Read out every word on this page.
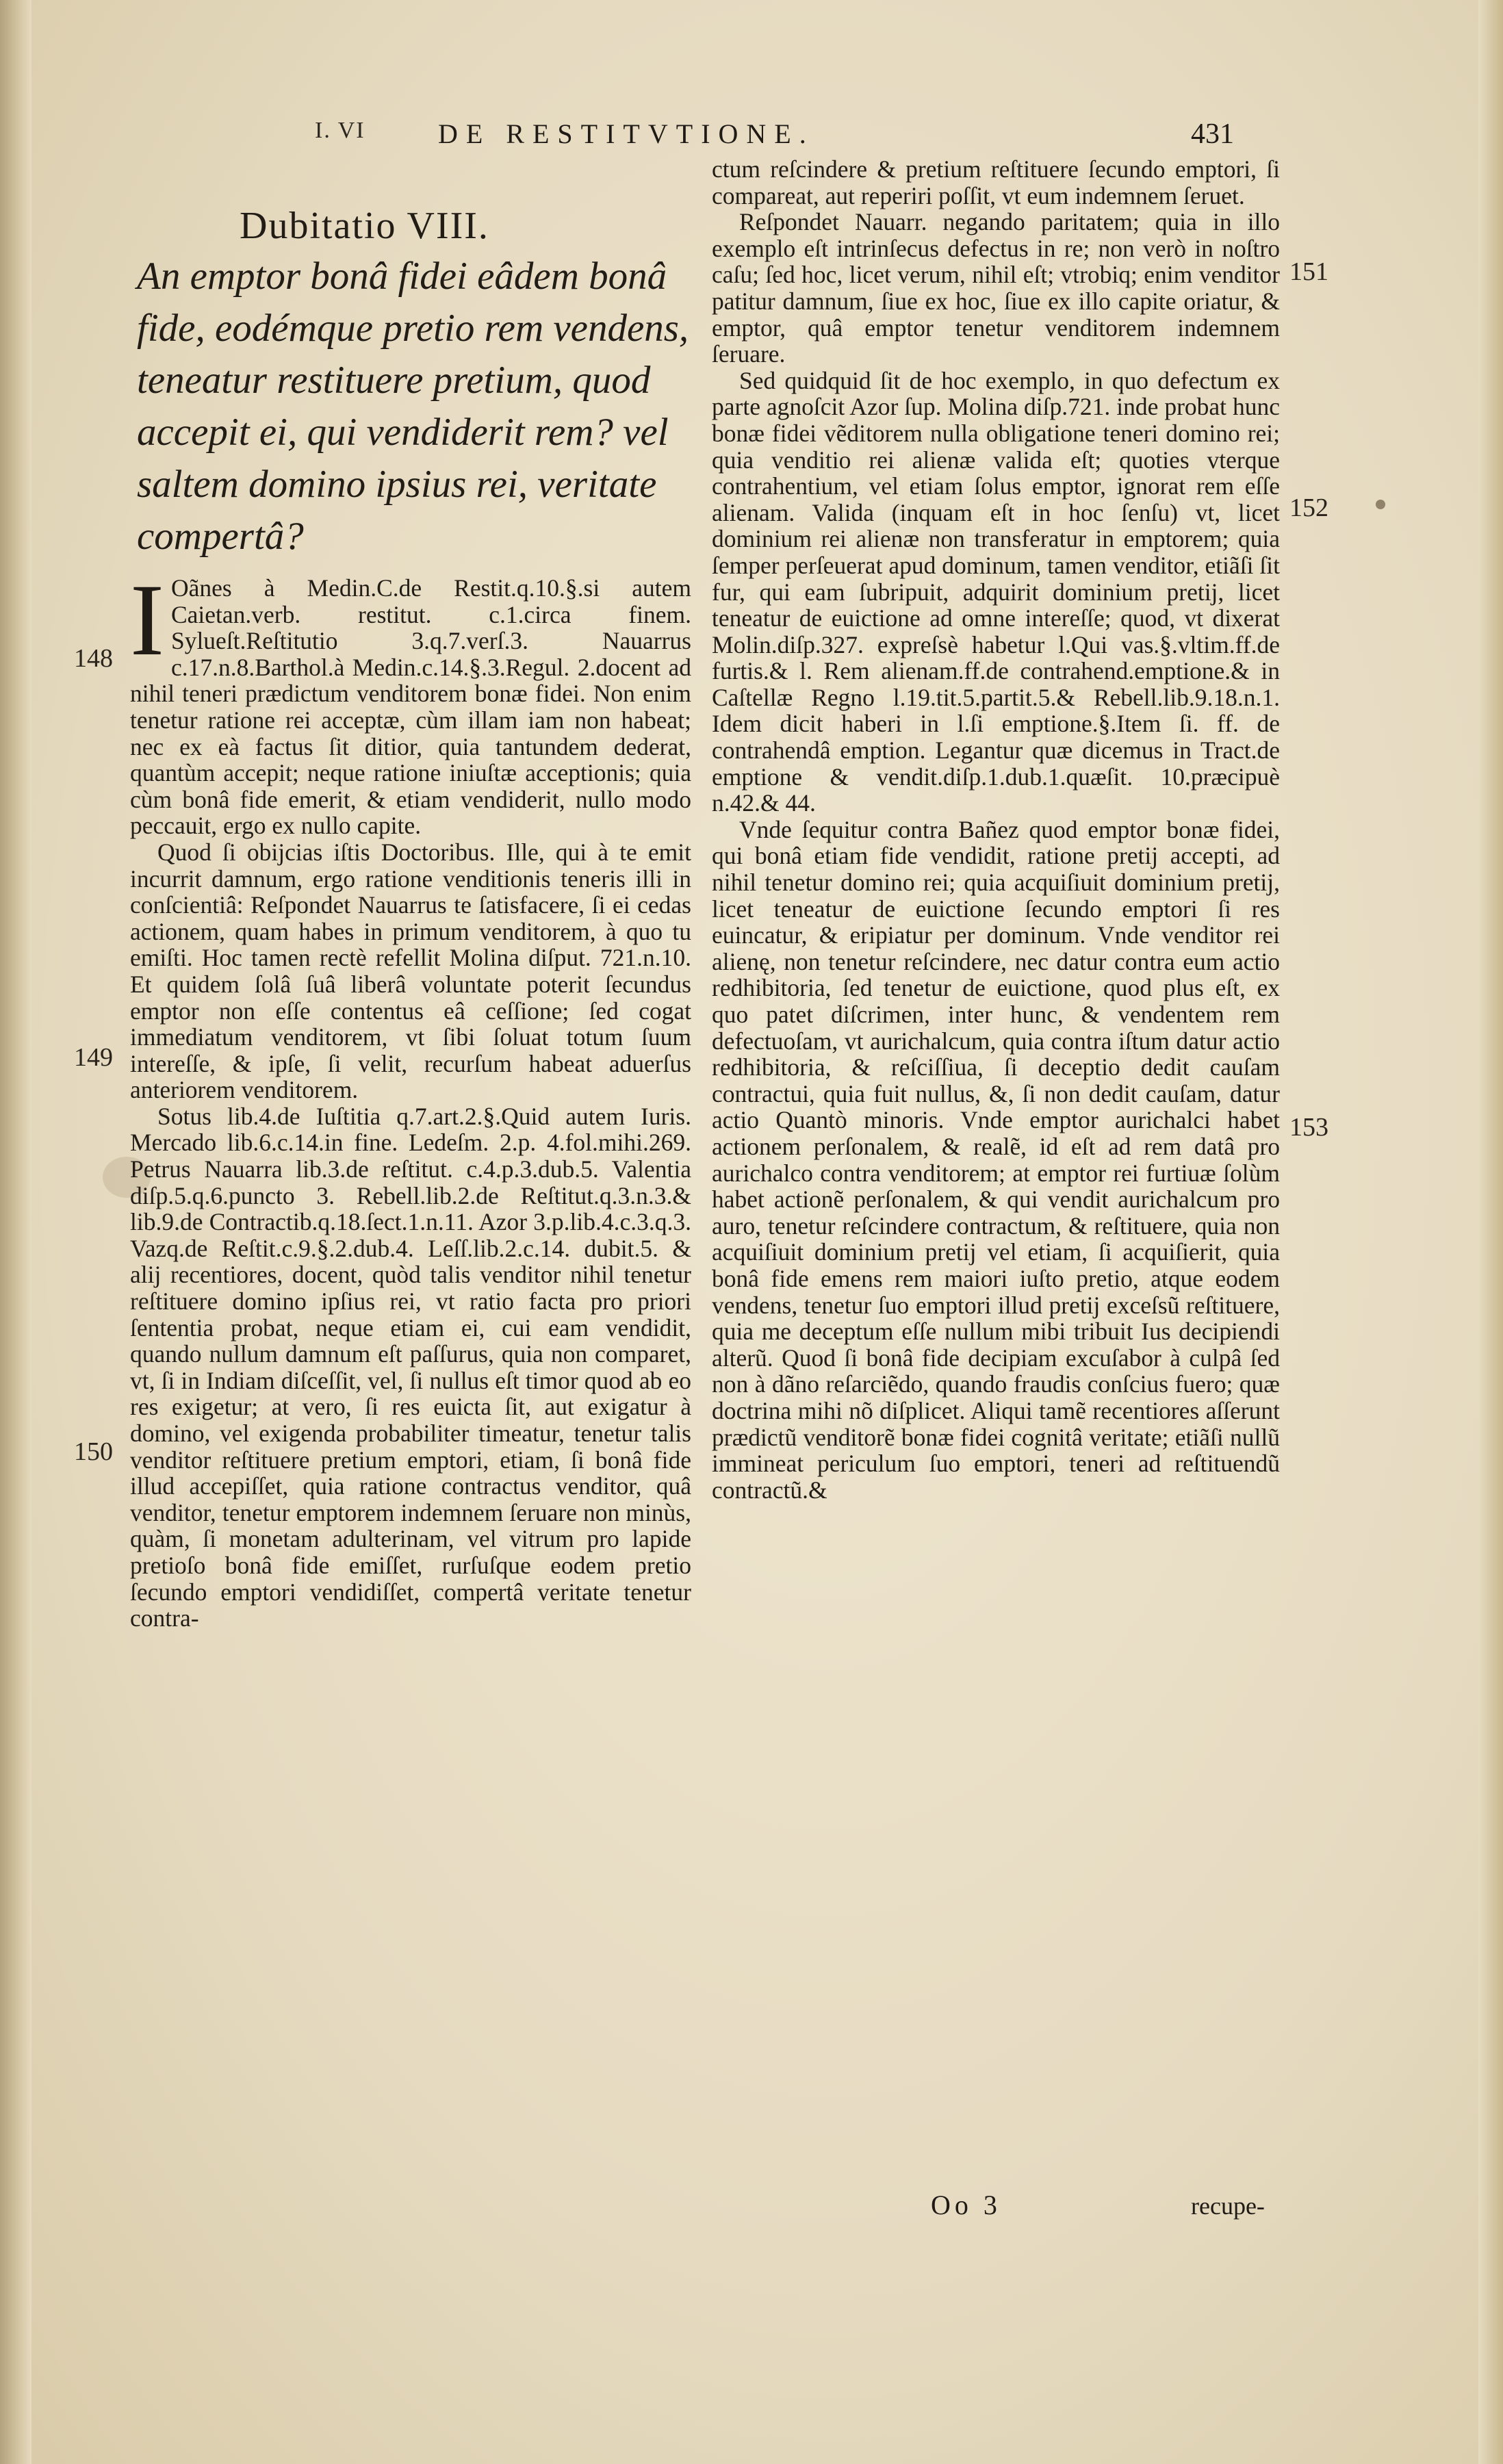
I. VI	DE RESTITVTIONE.	431
Dubitatio VIII.
An emptor bonâ fidei eâdem bonâ fide, eodémque pretio rem vendens, teneatur restituere pretium, quod accepit ei, qui vendiderit rem? vel saltem domino ipsius rei, veritate compertâ?
I Oãnes à Medin.C.de Restit.q.10.§.si autem Caietan.verb. restitut. c.1.circa finem. Sylueſt.Reſtitutio 3.q.7.verſ.3. Nauarrus c.17.n.8.Barthol.à Medin.c.14.§.3.Regul. 2.docent ad nihil teneri prædictum venditorem bonæ fidei. Non enim tenetur ratione rei acceptæ, cùm illam iam non habeat; nec ex eà factus ſit ditior, quia tantundem dederat, quantùm accepit; neque ratione iniuſtæ acceptionis; quia cùm bonâ fide emerit, & etiam vendiderit, nullo modo peccauit, ergo ex nullo capite.
Quod ſi obijcias iſtis Doctoribus. Ille, qui à te emit incurrit damnum, ergo ratione venditionis teneris illi in conſcientiâ: Reſpondet Nauarrus te ſatisfacere, ſi ei cedas actionem, quam habes in primum venditorem, à quo tu emiſti. Hoc tamen rectè refellit Molina diſput. 721.n.10. Et quidem ſolâ ſuâ liberâ voluntate poterit ſecundus emptor non eſſe contentus eâ ceſſione; ſed cogat immediatum venditorem, vt ſibi ſoluat totum ſuum intereſſe, & ipſe, ſi velit, recurſum habeat aduerſus anteriorem venditorem.
Sotus lib.4.de Iuſtitia q.7.art.2.§.Quid autem Iuris. Mercado lib.6.c.14.in fine. Ledeſm. 2.p. 4.fol.mihi.269. Petrus Nauarra lib.3.de reſtitut. c.4.p.3.dub.5. Valentia diſp.5.q.6.puncto 3. Rebell.lib.2.de Reſtitut.q.3.n.3.& lib.9.de Contractib.q.18.ſect.1.n.11. Azor 3.p.lib.4.c.3.q.3. Vazq.de Reſtit.c.9.§.2.dub.4. Leſſ.lib.2.c.14. dubit.5. & alij recentiores, docent, quòd talis venditor nihil tenetur reſtituere domino ipſius rei, vt ratio facta pro priori ſententia probat, neque etiam ei, cui eam vendidit, quando nullum damnum eſt paſſurus, quia non comparet, vt, ſi in Indiam diſceſſit, vel, ſi nullus eſt timor quod ab eo res exigetur; at vero, ſi res euicta ſit, aut exigatur à domino, vel exigenda probabiliter timeatur, tenetur talis venditor reſtituere pretium emptori, etiam, ſi bonâ fide illud accepiſſet, quia ratione contractus venditor, quâ venditor, tenetur emptorem indemnem ſeruare non minùs, quàm, ſi monetam adulterinam, vel vitrum pro lapide pretioſo bonâ fide emiſſet, rurſuſque eodem pretio ſecundo emptori vendidiſſet, compertâ veritate tenetur contra-
ctum reſcindere & pretium reſtituere ſecundo emptori, ſi compareat, aut reperiri poſſit, vt eum indemnem ſeruet.
Reſpondet Nauarr. negando paritatem; quia in illo exemplo eſt intrinſecus defectus in re; non verò in noſtro caſu; ſed hoc, licet verum, nihil eſt; vtrobiq; enim venditor patitur damnum, ſiue ex hoc, ſiue ex illo capite oriatur, & emptor, quâ emptor tenetur venditorem indemnem ſeruare.
Sed quidquid ſit de hoc exemplo, in quo defectum ex parte agnoſcit Azor ſup. Molina diſp.721. inde probat hunc bonæ fidei vẽditorem nulla obligatione teneri domino rei; quia venditio rei alienæ valida eſt; quoties vterque contrahentium, vel etiam ſolus emptor, ignorat rem eſſe alienam. Valida (inquam eſt in hoc ſenſu) vt, licet dominium rei alienæ non transferatur in emptorem; quia ſemper perſeuerat apud dominum, tamen venditor, etiãſi ſit fur, qui eam ſubripuit, adquirit dominium pretij, licet teneatur de euictione ad omne intereſſe; quod, vt dixerat Molin.diſp.327. expreſsè habetur l.Qui vas.§.vltim.ff.de furtis.& l. Rem alienam.ff.de contrahend.emptione.& in Caſtellæ Regno l.19.tit.5.partit.5.& Rebell.lib.9.18.n.1. Idem dicit haberi in l.ſi emptione.§.Item ſi. ff. de contrahendâ emption. Legantur quæ dicemus in Tract.de emptione & vendit.diſp.1.dub.1.quæſit. 10.præcipuè n.42.& 44.
Vnde ſequitur contra Bañez quod emptor bonæ fidei, qui bonâ etiam fide vendidit, ratione pretij accepti, ad nihil tenetur domino rei; quia acquiſiuit dominium pretij, licet teneatur de euictione ſecundo emptori ſi res euincatur, & eripiatur per dominum. Vnde venditor rei alienę, non tenetur reſcindere, nec datur contra eum actio redhibitoria, ſed tenetur de euictione, quod plus eſt, ex quo patet diſcrimen, inter hunc, & vendentem rem defectuoſam, vt aurichalcum, quia contra iſtum datur actio redhibitoria, & reſciſſiua, ſi deceptio dedit cauſam contractui, quia fuit nullus, &, ſi non dedit cauſam, datur actio Quantò minoris. Vnde emptor aurichalci habet actionem perſonalem, & realẽ, id eſt ad rem datâ pro aurichalco contra venditorem; at emptor rei furtiuæ ſolùm habet actionẽ perſonalem, & qui vendit aurichalcum pro auro, tenetur reſcindere contractum, & reſtituere, quia non acquiſiuit dominium pretij vel etiam, ſi acquiſierit, quia bonâ fide emens rem maiori iuſto pretio, atque eodem vendens, tenetur ſuo emptori illud pretij exceſsũ reſtituere, quia me deceptum eſſe nullum mibi tribuit Ius decipiendi alterũ. Quod ſi bonâ fide decipiam excuſabor à culpâ ſed non à dãno reſarciẽdo, quando fraudis conſcius fuero; quæ doctrina mihi nõ diſplicet. Aliqui tamẽ recentiores aſſerunt prædictũ venditorẽ bonæ fidei cognitâ veritate; etiãſi nullũ immineat periculum ſuo emptori, teneri ad reſtituendũ contractũ.&
148
149
150
151
152
153
Oo 3	recupe-
